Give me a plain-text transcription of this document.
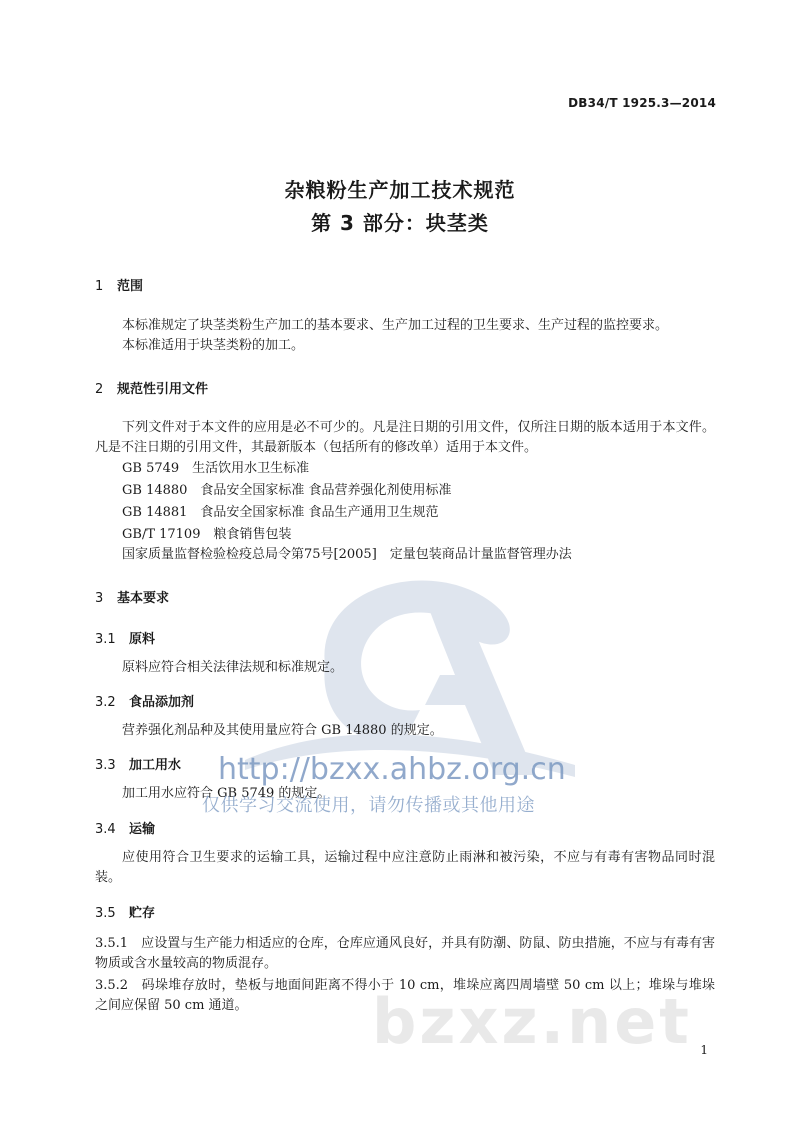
DB34/T 1925.3—2014
杂粮粉生产加工技术规范
第 3 部分：块茎类
1 范围
本标准规定了块茎类粉生产加工的基本要求、生产加工过程的卫生要求、生产过程的监控要求。
本标准适用于块茎类粉的加工。
2 规范性引用文件
下列文件对于本文件的应用是必不可少的。凡是注日期的引用文件，仅所注日期的版本适用于本文件。凡是不注日期的引用文件，其最新版本（包括所有的修改单）适用于本文件。
GB 5749　生活饮用水卫生标准
GB 14880　食品安全国家标准 食品营养强化剂使用标准
GB 14881　食品安全国家标准 食品生产通用卫生规范
GB/T 17109　粮食销售包装
国家质量监督检验检疫总局令第75号[2005]　定量包装商品计量监督管理办法
3 基本要求
3.1 原料
原料应符合相关法律法规和标准规定。
3.2 食品添加剂
营养强化剂品种及其使用量应符合 GB 14880 的规定。
3.3 加工用水
加工用水应符合 GB 5749 的规定。
3.4 运输
应使用符合卫生要求的运输工具，运输过程中应注意防止雨淋和被污染，不应与有毒有害物品同时混装。
3.5 贮存
3.5.1　应设置与生产能力相适应的仓库，仓库应通风良好，并具有防潮、防鼠、防虫措施，不应与有毒有害物质或含水量较高的物质混存。
3.5.2　码垛堆存放时，垫板与地面间距离不得小于 10 cm，堆垛应离四周墙壁 50 cm 以上；堆垛与堆垛之间应保留 50 cm 通道。
http://bzxx.ahbz.org.cn
仅供学习交流使用，请勿传播或其他用途
bzxz.net 1
